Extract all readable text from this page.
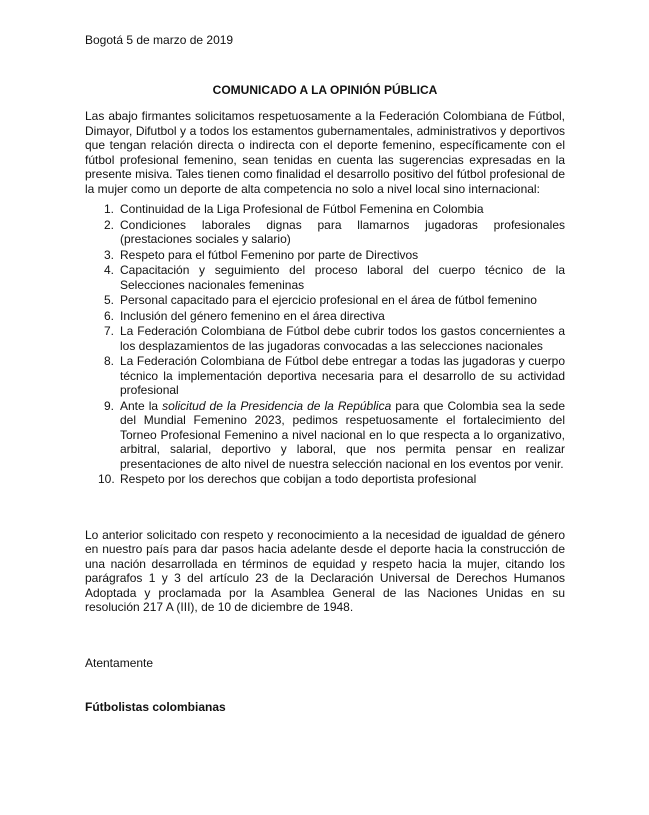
Bogotá 5 de marzo de 2019

COMUNICADO A LA OPINIÓN PÚBLICA

Las abajo firmantes solicitamos respetuosamente a la Federación Colombiana de Fútbol, Dimayor, Difutbol y a todos los estamentos gubernamentales, administrativos y deportivos que tengan relación directa o indirecta con el deporte femenino, específicamente con el fútbol profesional femenino, sean tenidas en cuenta las sugerencias expresadas en la presente misiva. Tales tienen como finalidad el desarrollo positivo del fútbol profesional de la mujer como un deporte de alta competencia no solo a nivel local sino internacional:

1. Continuidad de la Liga Profesional de Fútbol Femenina en Colombia
2. Condiciones laborales dignas para llamarnos jugadoras profesionales (prestaciones sociales y salario)
3. Respeto para el fútbol Femenino por parte de Directivos
4. Capacitación y seguimiento del proceso laboral del cuerpo técnico de la Selecciones nacionales femeninas
5. Personal capacitado para el ejercicio profesional en el área de fútbol femenino
6. Inclusión del género femenino en el área directiva
7. La Federación Colombiana de Fútbol debe cubrir todos los gastos concernientes a los desplazamientos de las jugadoras convocadas a las selecciones nacionales
8. La Federación Colombiana de Fútbol debe entregar a todas las jugadoras y cuerpo técnico la implementación deportiva necesaria para el desarrollo de su actividad profesional
9. Ante la solicitud de la Presidencia de la República para que Colombia sea la sede del Mundial Femenino 2023, pedimos respetuosamente el fortalecimiento del Torneo Profesional Femenino a nivel nacional en lo que respecta a lo organizativo, arbitral, salarial, deportivo y laboral, que nos permita pensar en realizar presentaciones de alto nivel de nuestra selección nacional en los eventos por venir.
10. Respeto por los derechos que cobijan a todo deportista profesional

Lo anterior solicitado con respeto y reconocimiento a la necesidad de igualdad de género en nuestro país para dar pasos hacia adelante desde el deporte hacia la construcción de una nación desarrollada en términos de equidad y respeto hacia la mujer, citando los parágrafos 1 y 3 del artículo 23 de la Declaración Universal de Derechos Humanos Adoptada y proclamada por la Asamblea General de las Naciones Unidas en su resolución 217 A (III), de 10 de diciembre de 1948.

Atentamente

Fútbolistas colombianas
